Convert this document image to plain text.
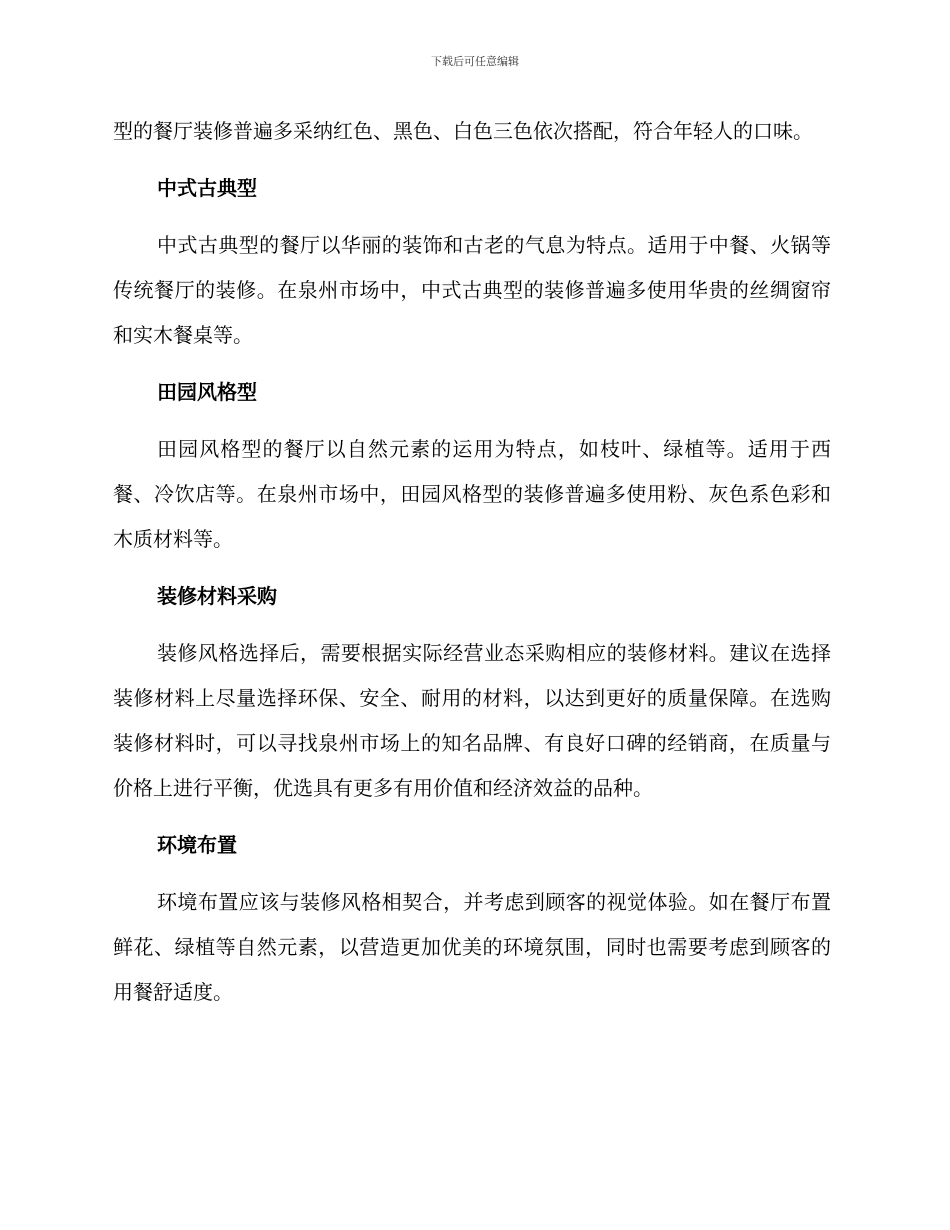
下载后可任意编辑

型的餐厅装修普遍多采纳红色、黑色、白色三色依次搭配，符合年轻人的口味。

中式古典型

中式古典型的餐厅以华丽的装饰和古老的气息为特点。适用于中餐、火锅等传统餐厅的装修。在泉州市场中，中式古典型的装修普遍多使用华贵的丝绸窗帘和实木餐桌等。

田园风格型

田园风格型的餐厅以自然元素的运用为特点，如枝叶、绿植等。适用于西餐、冷饮店等。在泉州市场中，田园风格型的装修普遍多使用粉、灰色系色彩和木质材料等。

装修材料采购

装修风格选择后，需要根据实际经营业态采购相应的装修材料。建议在选择装修材料上尽量选择环保、安全、耐用的材料，以达到更好的质量保障。在选购装修材料时，可以寻找泉州市场上的知名品牌、有良好口碑的经销商，在质量与价格上进行平衡，优选具有更多有用价值和经济效益的品种。

环境布置

环境布置应该与装修风格相契合，并考虑到顾客的视觉体验。如在餐厅布置鲜花、绿植等自然元素，以营造更加优美的环境氛围，同时也需要考虑到顾客的用餐舒适度。
